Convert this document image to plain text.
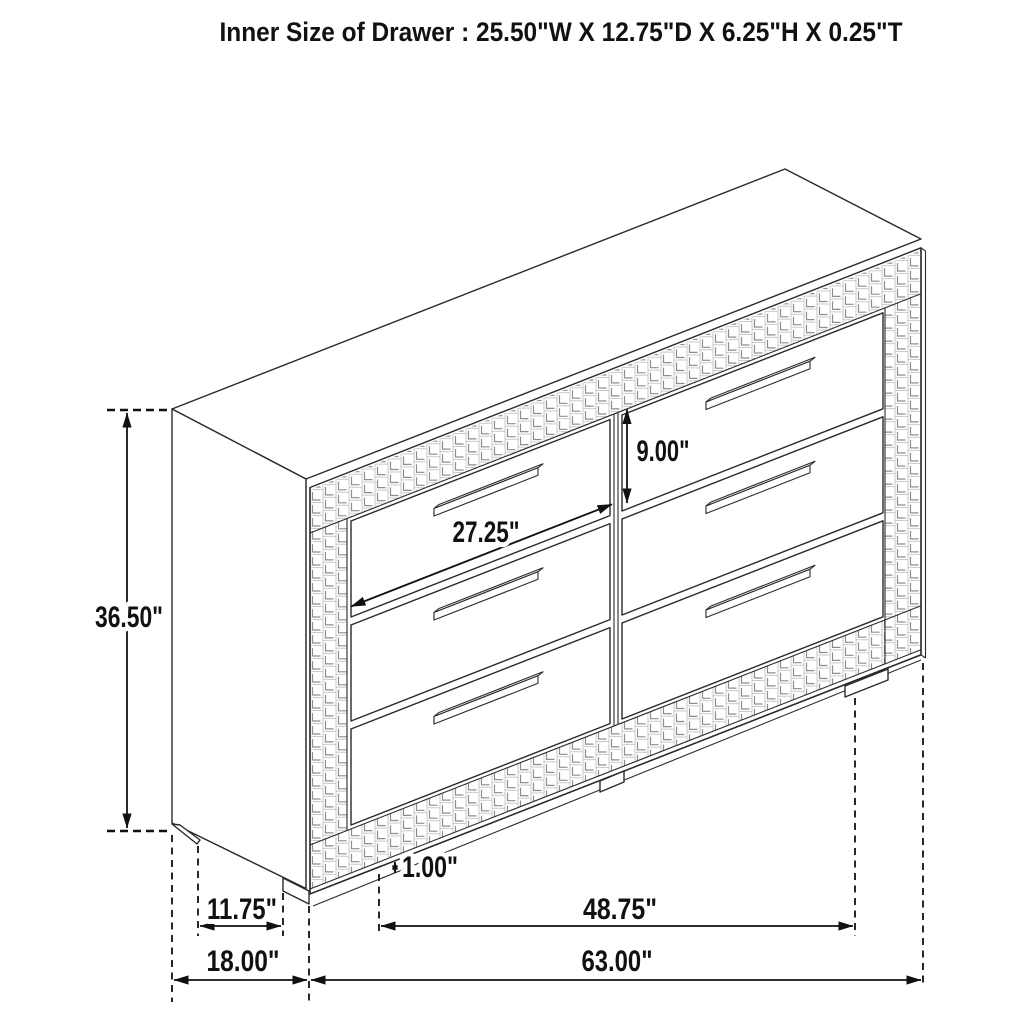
Inner Size of Drawer : 25.50"W X 12.75"D X 6.25"H X 0.25"T
36.50"
27.25"
9.00"
1.00"
11.75"	48.75"
18.00"	63.00"
